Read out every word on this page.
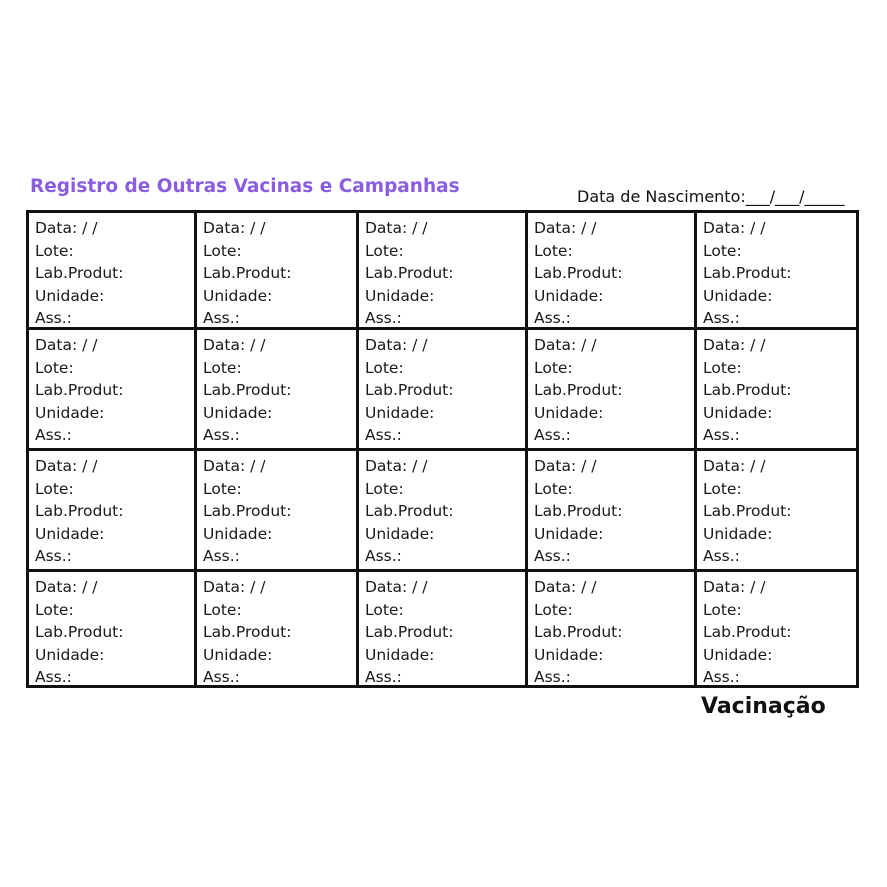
Registro de Outras Vacinas e Campanhas	Data de Nascimento:___/___/_____
Data: / /
Lote:
Lab.Produt:
Unidade:
Ass.:
Data: / /
Lote:
Lab.Produt:
Unidade:
Ass.:
Data: / /
Lote:
Lab.Produt:
Unidade:
Ass.:
Data: / /
Lote:
Lab.Produt:
Unidade:
Ass.:
Data: / /
Lote:
Lab.Produt:
Unidade:
Ass.:
Data: / /
Lote:
Lab.Produt:
Unidade:
Ass.:
Data: / /
Lote:
Lab.Produt:
Unidade:
Ass.:
Data: / /
Lote:
Lab.Produt:
Unidade:
Ass.:
Data: / /
Lote:
Lab.Produt:
Unidade:
Ass.:
Data: / /
Lote:
Lab.Produt:
Unidade:
Ass.:
Data: / /
Lote:
Lab.Produt:
Unidade:
Ass.:
Data: / /
Lote:
Lab.Produt:
Unidade:
Ass.:
Data: / /
Lote:
Lab.Produt:
Unidade:
Ass.:
Data: / /
Lote:
Lab.Produt:
Unidade:
Ass.:
Data: / /
Lote:
Lab.Produt:
Unidade:
Ass.:
Data: / /
Lote:
Lab.Produt:
Unidade:
Ass.:
Data: / /
Lote:
Lab.Produt:
Unidade:
Ass.:
Data: / /
Lote:
Lab.Produt:
Unidade:
Ass.:
Data: / /
Lote:
Lab.Produt:
Unidade:
Ass.:
Data: / /
Lote:
Lab.Produt:
Unidade:
Ass.:
Vacinação
